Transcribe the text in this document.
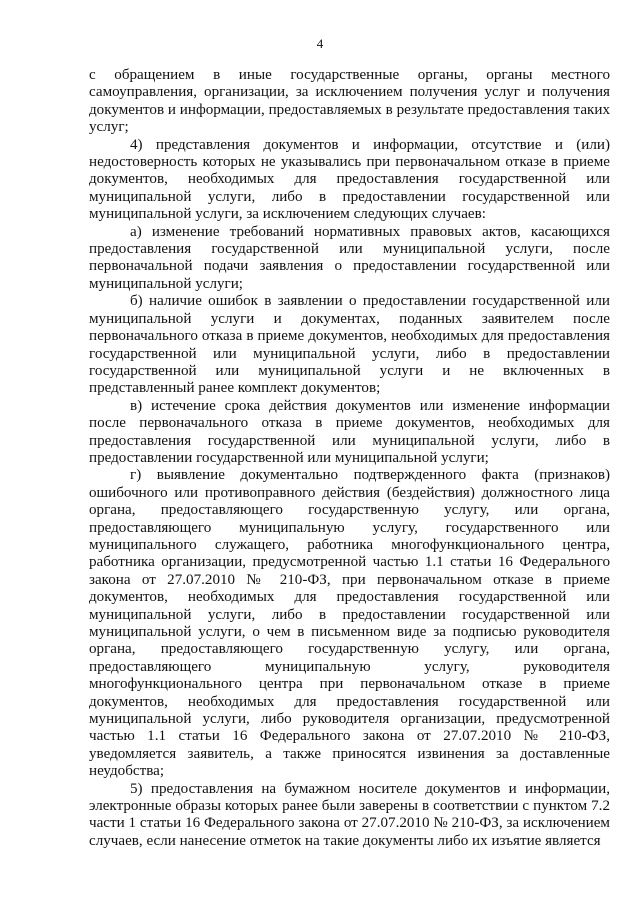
4

с обращением в иные государственные органы, органы местного самоуправления, организации, за исключением получения услуг и получения документов и информации, предоставляемых в результате предоставления таких услуг;

4) представления документов и информации, отсутствие и (или) недостоверность которых не указывались при первоначальном отказе в приеме документов, необходимых для предоставления государственной или муниципальной услуги, либо в предоставлении государственной или муниципальной услуги, за исключением следующих случаев:

а) изменение требований нормативных правовых актов, касающихся предоставления государственной или муниципальной услуги, после первоначальной подачи заявления о предоставлении государственной или муниципальной услуги;

б) наличие ошибок в заявлении о предоставлении государственной или муниципальной услуги и документах, поданных заявителем после первоначального отказа в приеме документов, необходимых для предоставления государственной или муниципальной услуги, либо в предоставлении государственной или муниципальной услуги и не включенных в представленный ранее комплект документов;

в) истечение срока действия документов или изменение информации после первоначального отказа в приеме документов, необходимых для предоставления государственной или муниципальной услуги, либо в предоставлении государственной или муниципальной услуги;

г) выявление документально подтвержденного факта (признаков) ошибочного или противоправного действия (бездействия) должностного лица органа, предоставляющего государственную услугу, или органа, предоставляющего муниципальную услугу, государственного или муниципального служащего, работника многофункционального центра, работника организации, предусмотренной частью 1.1 статьи 16 Федерального закона от 27.07.2010 № 210-ФЗ, при первоначальном отказе в приеме документов, необходимых для предоставления государственной или муниципальной услуги, либо в предоставлении государственной или муниципальной услуги, о чем в письменном виде за подписью руководителя органа, предоставляющего государственную услугу, или органа, предоставляющего муниципальную услугу, руководителя многофункционального центра при первоначальном отказе в приеме документов, необходимых для предоставления государственной или муниципальной услуги, либо руководителя организации, предусмотренной частью 1.1 статьи 16 Федерального закона от 27.07.2010 № 210-ФЗ, уведомляется заявитель, а также приносятся извинения за доставленные неудобства;

5) предоставления на бумажном носителе документов и информации, электронные образы которых ранее были заверены в соответствии с пунктом 7.2 части 1 статьи 16 Федерального закона от 27.07.2010 № 210-ФЗ, за исключением случаев, если нанесение отметок на такие документы либо их изъятие является
